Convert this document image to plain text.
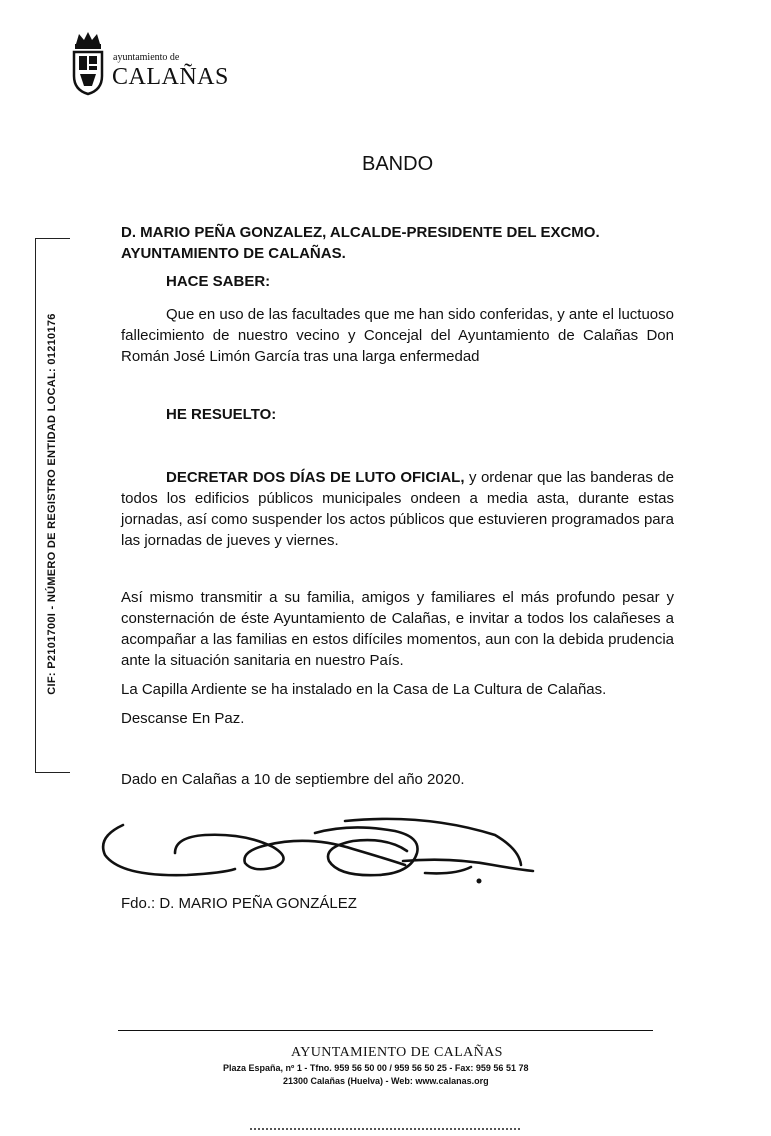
ayuntamiento de
CALAÑAS
CIF: P2101700I - NÚMERO DE REGISTRO ENTIDAD LOCAL: 01210176
BANDO
D. MARIO PEÑA GONZALEZ, ALCALDE-PRESIDENTE DEL EXCMO. AYUNTAMIENTO DE CALAÑAS.
HACE SABER:
Que en uso de las facultades que me han sido conferidas, y ante el luctuoso fallecimiento de nuestro vecino y Concejal del Ayuntamiento de Calañas Don Román José Limón García tras una larga enfermedad
HE RESUELTO:
DECRETAR DOS DÍAS DE LUTO OFICIAL, y ordenar que las banderas de todos los edificios públicos municipales ondeen a media asta, durante estas jornadas, así como suspender los actos públicos que estuvieren programados para las jornadas de jueves y viernes.
Así mismo transmitir a su familia, amigos y familiares el más profundo pesar y consternación de éste Ayuntamiento de Calañas, e invitar a todos los calañeses a acompañar a las familias en estos difíciles momentos, aun con la debida prudencia ante la situación sanitaria en nuestro País.
La Capilla Ardiente se ha instalado en la Casa de La Cultura de Calañas.
Descanse En Paz.
Dado en Calañas a 10 de septiembre del año 2020.
Fdo.: D. MARIO PEÑA GONZÁLEZ
AYUNTAMIENTO DE CALAÑAS
Plaza España, nº 1 - Tfno. 959 56 50 00 / 959 56 50 25 - Fax: 959 56 51 78
21300 Calañas (Huelva) - Web: www.calanas.org
